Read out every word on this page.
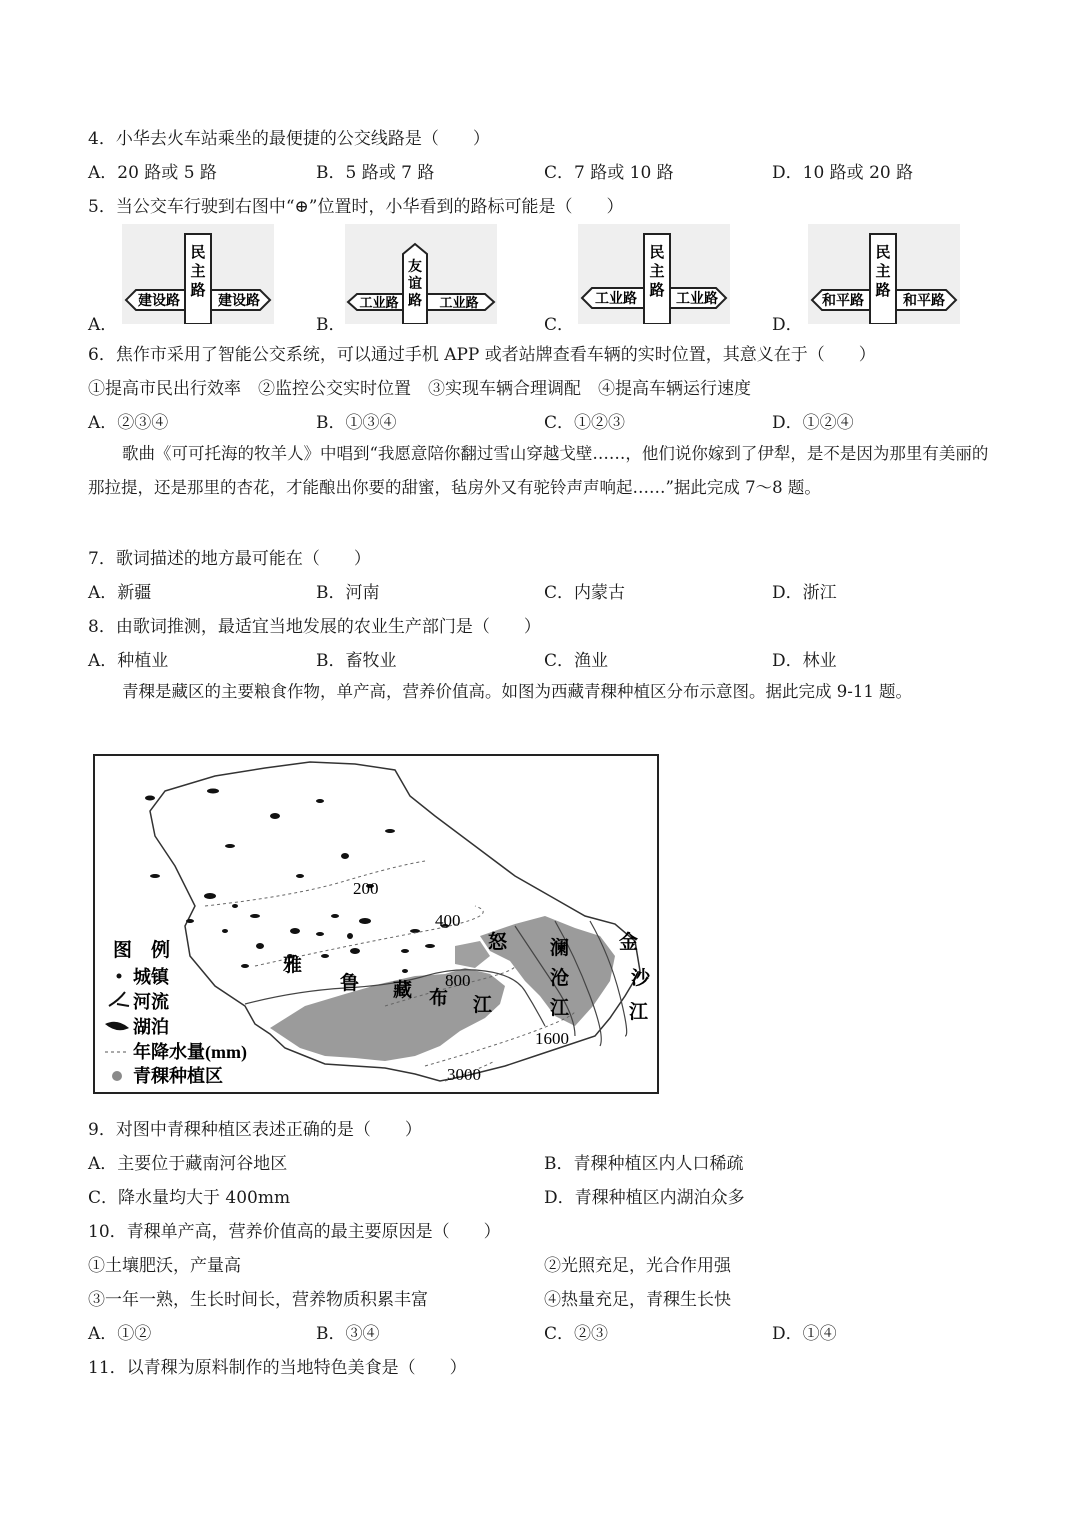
4．小华去火车站乘坐的最便捷的公交线路是（　　）
A．20 路或 5 路	B．5 路或 7 路	C．7 路或 10 路	D．10 路或 20 路
5．当公交车行驶到右图中“⊕”位置时，小华看到的路标可能是（　　）
民
主
路
建设路	建设路
友
谊
路
工业路	工业路
民
主
路
工业路	工业路
民
主
路
和平路	和平路
A．	B．	C．	D．
6．焦作市采用了智能公交系统，可以通过手机 APP 或者站牌查看车辆的实时位置，其意义在于（　　）
①提高市民出行效率　②监控公交实时位置　③实现车辆合理调配　④提高车辆运行速度
A．②③④	B．①③④	C．①②③	D．①②④
歌曲《可可托海的牧羊人》中唱到“我愿意陪你翻过雪山穿越戈壁……，他们说你嫁到了伊犁，是不是因为那里有美丽的那拉提，还是那里的杏花，才能酿出你要的甜蜜，毡房外又有驼铃声声响起……”据此完成 7～8 题。
7．歌词描述的地方最可能在（　　）
A．新疆	B．河南	C．内蒙古	D．浙江
8．由歌词推测，最适宜当地发展的农业生产部门是（　　）
A．种植业	B．畜牧业	C．渔业	D．林业
青稞是藏区的主要粮食作物，单产高，营养价值高。如图为西藏青稞种植区分布示意图。据此完成 9-11 题。
200
400
800
1600
3000
雅
鲁 藏 布 江
怒 澜
沧
江
金
沙
江
图　例
城镇
河流
湖泊
年降水量(mm)
青稞种植区
9．对图中青稞种植区表述正确的是（　　）
A．主要位于藏南河谷地区	B．青稞种植区内人口稀疏
C．降水量均大于 400mm	D．青稞种植区内湖泊众多
10．青稞单产高，营养价值高的最主要原因是（　　）
①土壤肥沃，产量高	②光照充足，光合作用强
③一年一熟，生长时间长，营养物质积累丰富	④热量充足，青稞生长快
A．①②	B．③④	C．②③	D．①④
11．以青稞为原料制作的当地特色美食是（　　）
